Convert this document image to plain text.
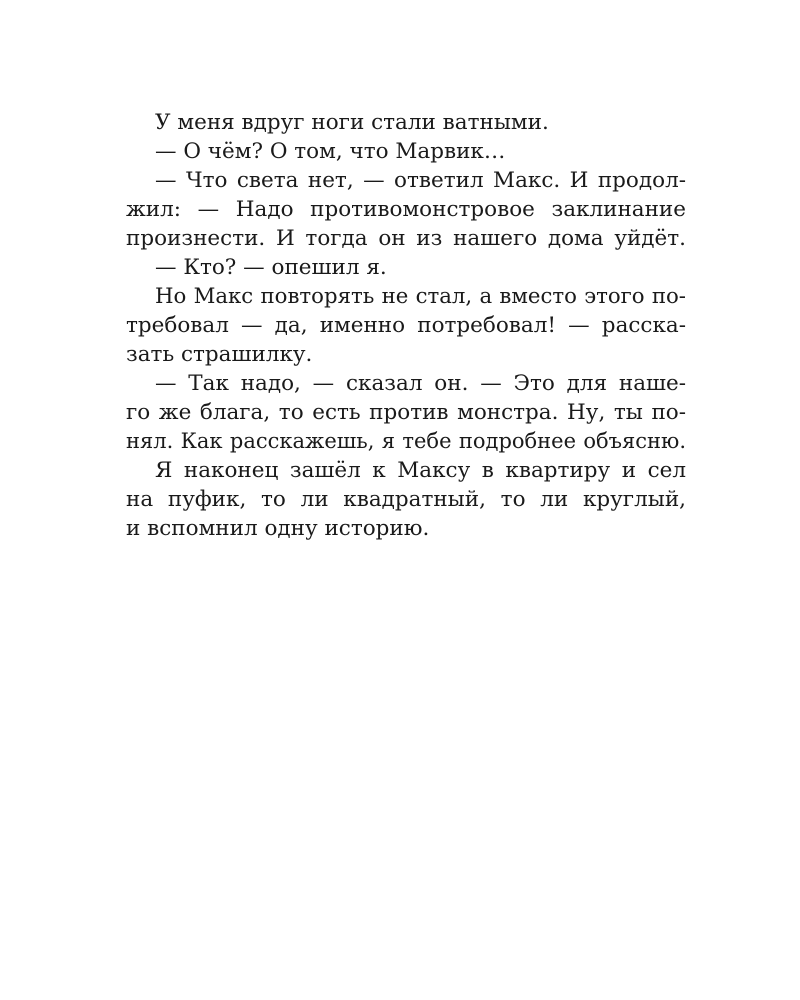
У меня вдруг ноги стали ватными.
— О чём? О том, что Марвик…
— Что света нет, — ответил Макс. И продол-
жил: — Надо противомонстровое заклинание
произнести. И тогда он из нашего дома уйдёт.
— Кто? — опешил я.
Но Макс повторять не стал, а вместо этого по-
требовал — да, именно потребовал! — расска-
зать страшилку.
— Так надо, — сказал он. — Это для наше-
го же блага, то есть против монстра. Ну, ты по-
нял. Как расскажешь, я тебе подробнее объясню.
Я наконец зашёл к Максу в квартиру и сел
на пуфик, то ли квадратный, то ли круглый,
и вспомнил одну историю.
